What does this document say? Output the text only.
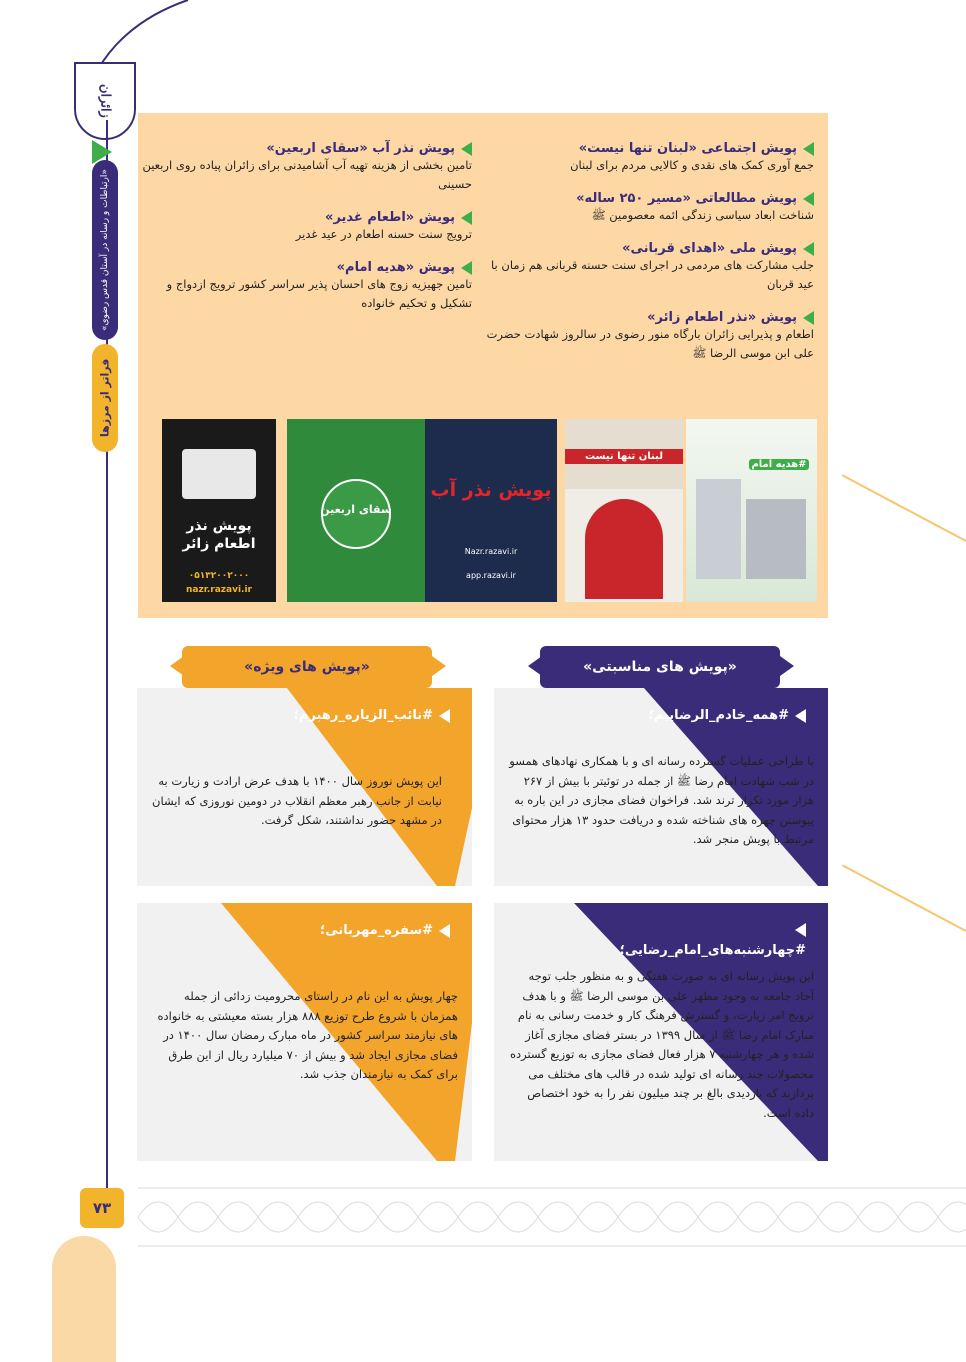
زائران
«ارتباطات و رسانه در آستان قدس رضوی»
فراتر از مرزها
۷۳
پویش اجتماعی «لبنان تنها نیست»
جمع آوری کمک های نقدی و کالایی مردم برای لبنان
پویش مطالعاتی «مسیر ۲۵۰ ساله»
شناخت ابعاد سیاسی زندگی ائمه معصومین ﷺ
پویش ملی «اهدای قربانی»
جلب مشارکت های مردمی در اجرای سنت حسنه قربانی هم زمان با عید قربان
پویش «نذر اطعام زائر»
اطعام و پذیرایی زائران بارگاه منور رضوی در سالروز شهادت حضرت علی ابن موسی الرضا ﷺ
پویش نذر آب «سقای اربعین»
تامین بخشی از هزینه تهیه آب آشامیدنی برای زائران پیاده روی اربعین حسینی
پویش «اطعام غدیر»
ترویج سنت حسنه اطعام در عید غدیر
پویش «هدیه امام»
تامین جهیزیه زوج های احسان پذیر سراسر کشور ترویج ازدواج و تشکیل و تحکیم خانواده
#هدیه امام
لبنان تنها نیست
پویش نذر آب
Nazr.razavi.ir
app.razavi.ir
سقای اربعین
پویش نذر اطعام زائر
۰۵۱۳۲۰۰۲۰۰۰
nazr.razavi.ir
«پویش های مناسبتی»
«پویش های ویژه»
#همه_خادم_الرضاییم؛
با طراحی عملیات گسترده رسانه ای و با همکاری نهادهای همسو در شب شهادت امام رضا ﷺ از جمله در توئیتر با بیش از ۲۶۷ هزار مورد تکرار ترند شد. فراخوان فضای مجازی در این باره به پیوستن چهره های شناخته شده و دریافت حدود ۱۳ هزار محتوای مرتبط با پویش منجر شد.
#نائب_الزیاره_رهبرم؛
این پویش نوروز سال ۱۴۰۰ با هدف عرض ارادت و زیارت به نیابت از جانب رهبر معظم انقلاب در دومین نوروزی که ایشان در مشهد حضور نداشتند، شکل گرفت.
#چهارشنبه‌های_امام_رضایی؛
این پویش رسانه ای به صورت هفتگی و به منظور جلب توجه آحاد جامعه به وجود مطهر علی بن موسی الرضا ﷺ و با هدف ترویج امر زیارت، و گسترش فرهنگ کار و خدمت رسانی به نام مبارک امام رضا ﷺ از سال ۱۳۹۹ در بستر فضای مجازی آغاز شده و هر چهارشنبه ۷ هزار فعال فضای مجازی به توزیع گسترده محصولات چند رسانه ای تولید شده در قالب های مختلف می پردازند که بازدیدی بالغ بر چند میلیون نفر را به خود اختصاص داده است.
#سفره_مهربانی؛
چهار پویش به این نام در راستای محرومیت زدائی از جمله همزمان با شروع طرح توزیع ۸۸۸ هزار بسته معیشتی به خانواده های نیازمند سراسر کشور در ماه مبارک رمضان سال ۱۴۰۰ در فضای مجازی ایجاد شد و بیش از ۷۰ میلیارد ریال از این طرق برای کمک به نیازمندان جذب شد.
